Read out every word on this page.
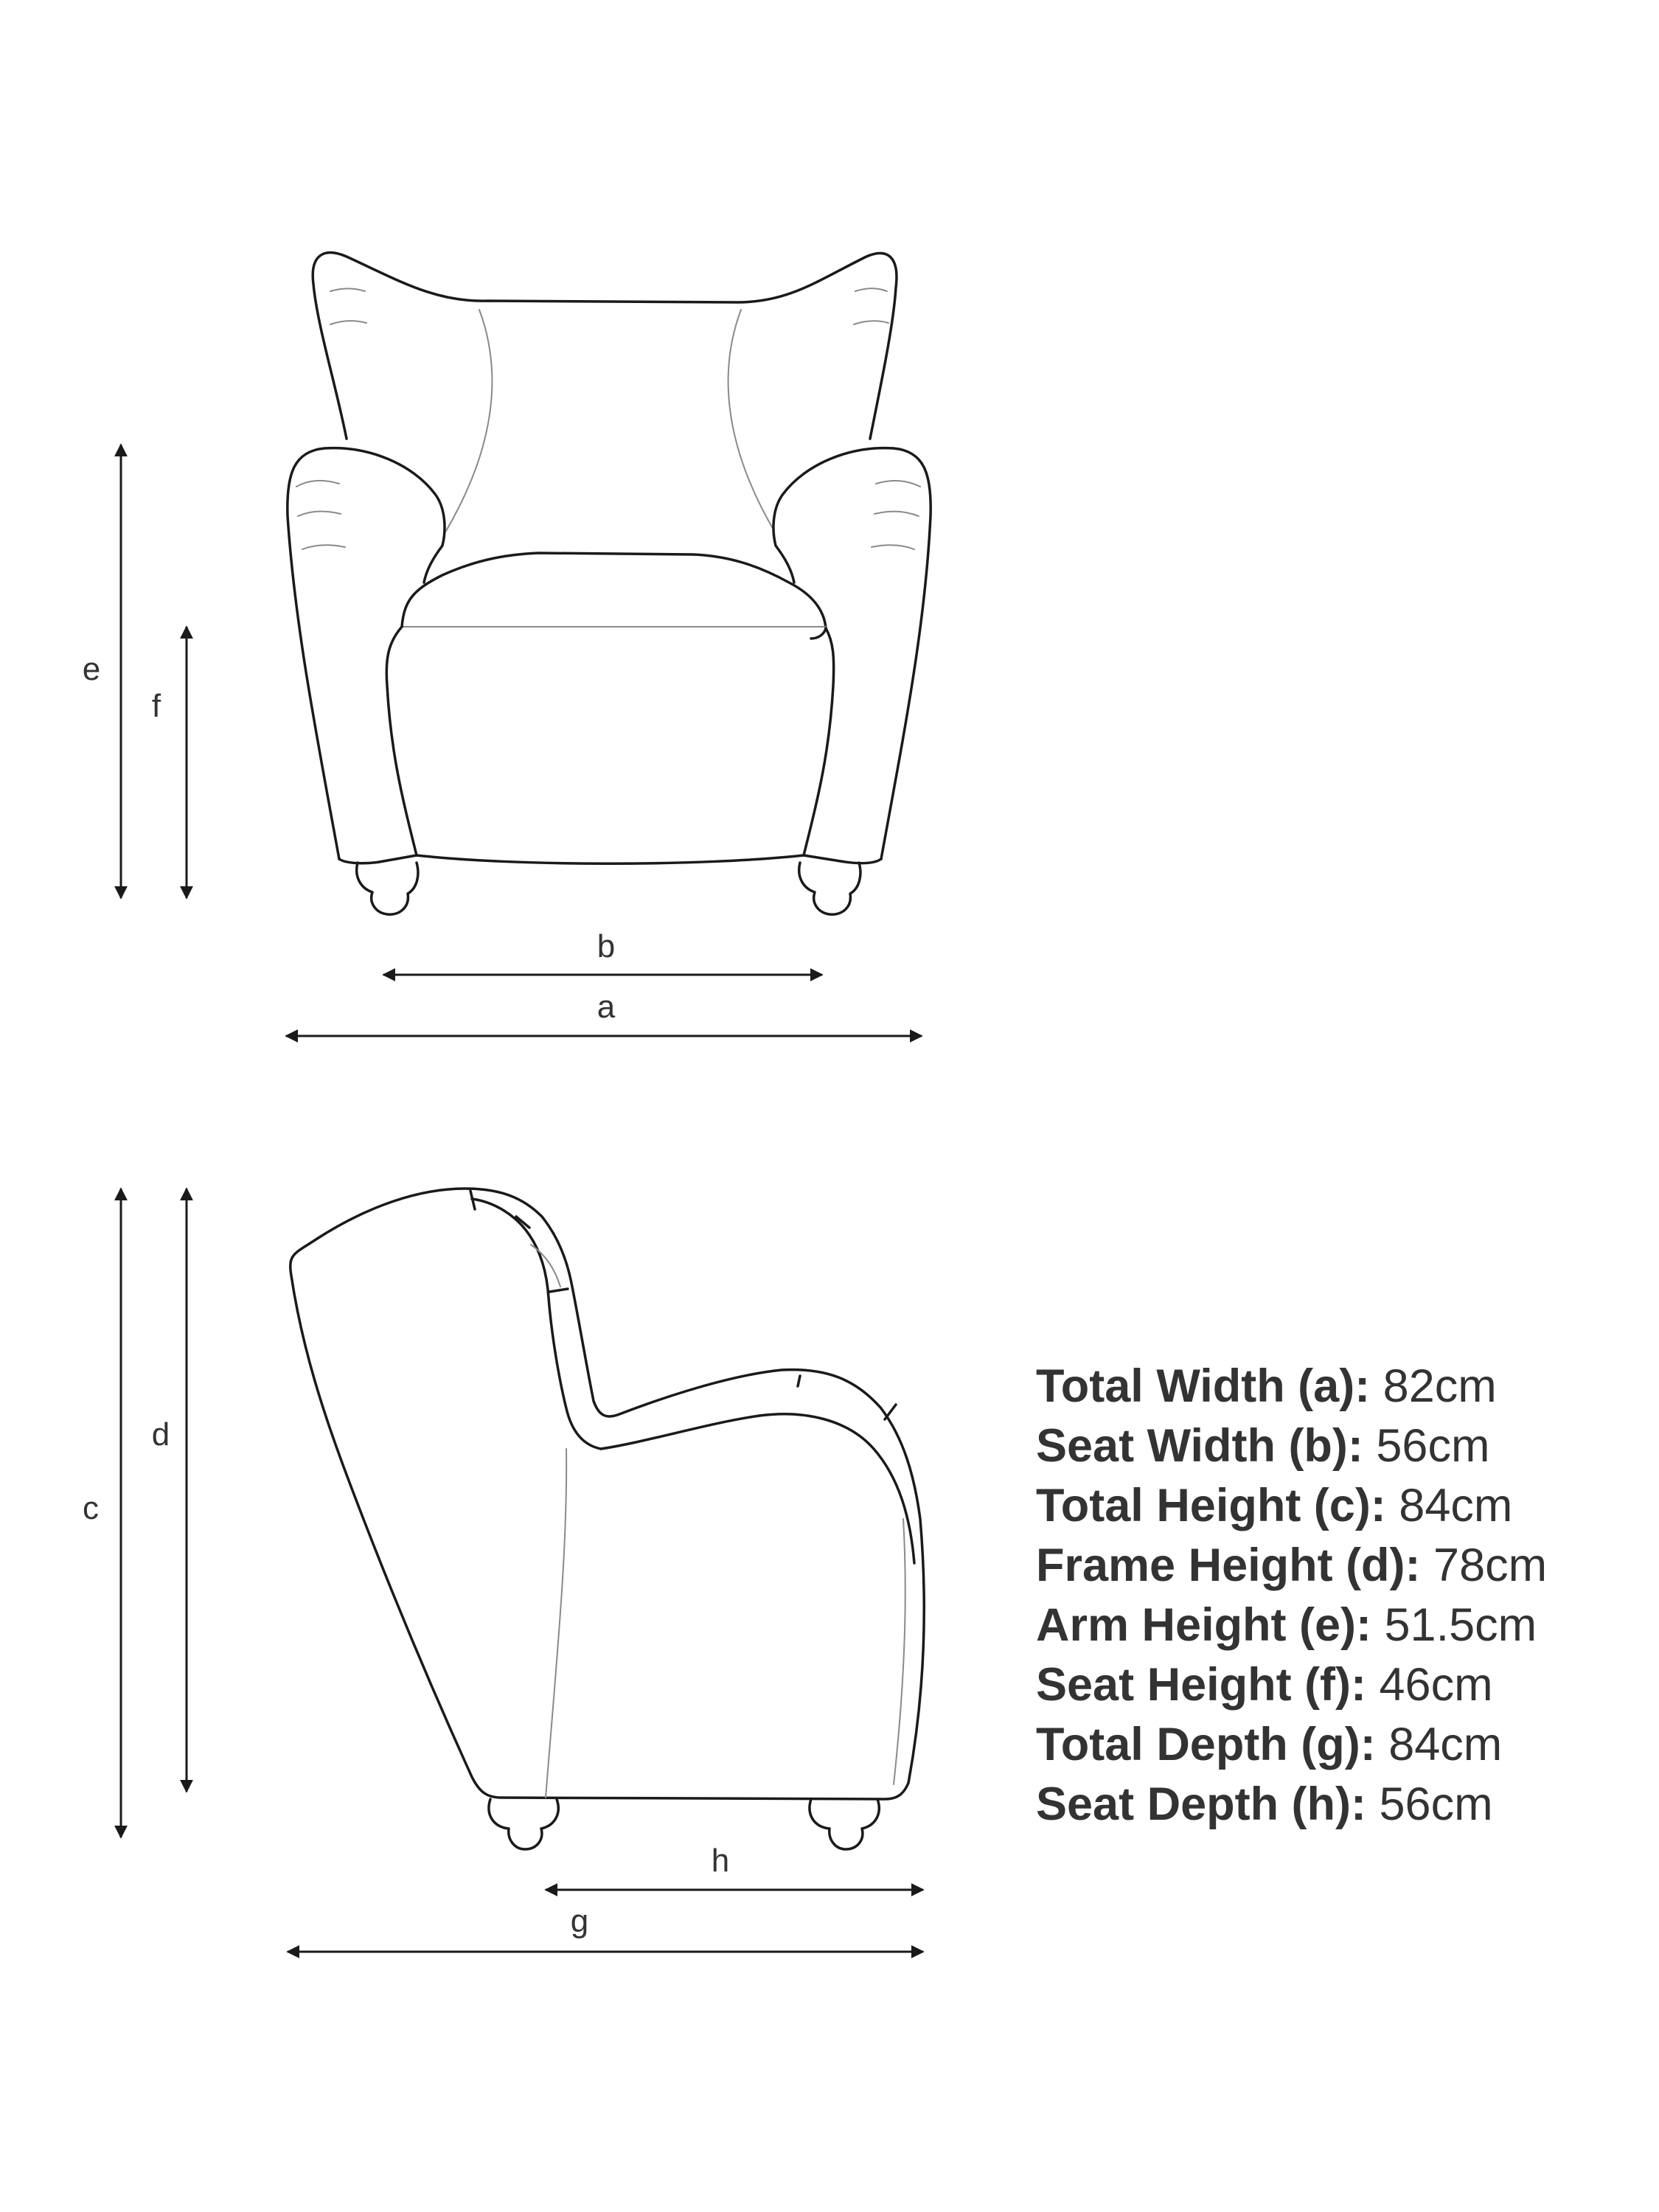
e
f
b
a
c
d
h
g
Total Width (a): 82cm
Seat Width (b): 56cm
Total Height (c): 84cm
Frame Height (d): 78cm
Arm Height (e): 51.5cm
Seat Height (f): 46cm
Total Depth (g): 84cm
Seat Depth (h): 56cm
